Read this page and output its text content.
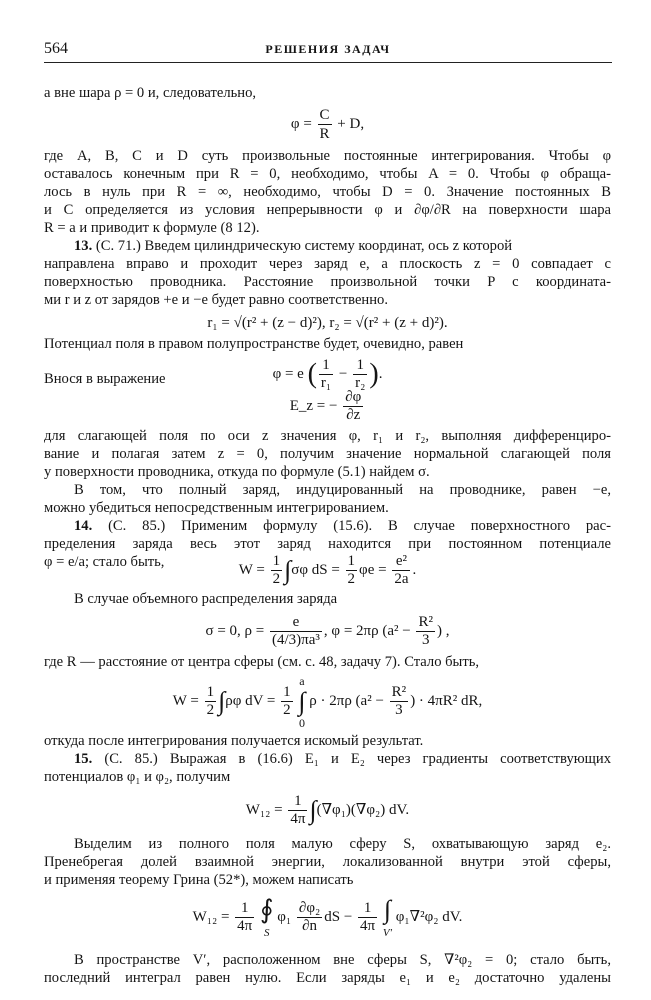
564	РЕШЕНИЯ ЗАДАЧ
а вне шара ρ = 0 и, следовательно,
$\varphi = \frac{C}{R} + D$,
где A, B, C и D суть произвольные постоянные интегрирования. Чтобы φ
оставалось конечным при R = 0, необходимо, чтобы A = 0. Чтобы φ обраща-
лось в нуль при R = ∞, необходимо, чтобы D = 0. Значение постоянных B
и C определяется из условия непрерывности φ и ∂φ/∂R на поверхности шара
R = a и приводит к формуле (8 12).
13. (С. 71.) Введем цилиндрическую систему координат, ось z которой
направлена вправо и проходит через заряд e, а плоскость z = 0 совпадает с
поверхностью проводника. Расстояние произвольной точки P с координата-
ми r и z от зарядов +e и −e будет равно соответственно.
r₁ = √(r² + (z − d)²), r₂ = √(r² + (z + d)²).
Потенциал поля в правом полупространстве будет, очевидно, равен
φ = e ( $\frac{1}{\text{r₁}} - \frac{1}{\text{r₂}}$ ).
Внося в выражение
E_z = − $\frac{\partial\varphi}{\partial z}$
для слагающей поля по оси z значения φ, r₁ и r₂, выполняя дифференциро-
вание и полагая затем z = 0, получим значение нормальной слагающей поля
у поверхности проводника, откуда по формуле (5.1) найдем σ.
В том, что полный заряд, индуцированный на проводнике, равен −e,
можно убедиться непосредственным интегрированием.
14. (С. 85.) Применим формулу (15.6). В случае поверхностного рас-
пределения заряда весь этот заряд находится при постоянном потенциале
φ = e/a; стало быть,	$W = \frac{1}{2} \int\sigma\varphi$ dS = $\frac{1}{2}$ $\varphi e = \frac{\text{e²}}{2a}$ .
В случае объемного распределения заряда
σ = 0, $\rho = \frac{e}{\text{(4/3)πa³}}$ , φ = 2πρ ($a^2 - \frac{\text{R²}}{3}$ ) ,
где R — расстояние от центра сферы (см. с. 48, задачу 7). Стало быть,
$W = \frac{1}{2} \int\rho\varphi$ dV = $\frac{1}{2}$

a
∫
0
ρ · 2πρ ($a^2 - \frac{\text{R²}}{3}$ ) · 4πR² dR,
откуда после интегрирования получается искомый результат.
15. (С. 85.) Выражая в (16.6) E₁ и E₂ через градиенты соответствующих
потенциалов φ₁ и φ₂, получим
$W_{12} = \frac{1}{4\pi} \int(\nabla\varphi_1)(\nabla\varphi_2)$ dV.
Выделим из полного поля малую сферу S, охватывающую заряд e₂.
Пренебрегая долей взаимной энергии, локализованной внутри этой сферы,
и применяя теорему Грина (52*), можем написать
$W_{12} = \frac{1}{4\pi}$
∮
S
$\varphi_1 \frac{\text{∂φ₂}}{\partial n}$ dS − $\frac{1}{4\pi}$
∫
V′
φ₁∇²φ₂ dV.
В пространстве V′, расположенном вне сферы S, ∇²φ₂ = 0; стало быть,
последний интеграл равен нулю. Если заряды e₁ и e₂ достаточно удалены
